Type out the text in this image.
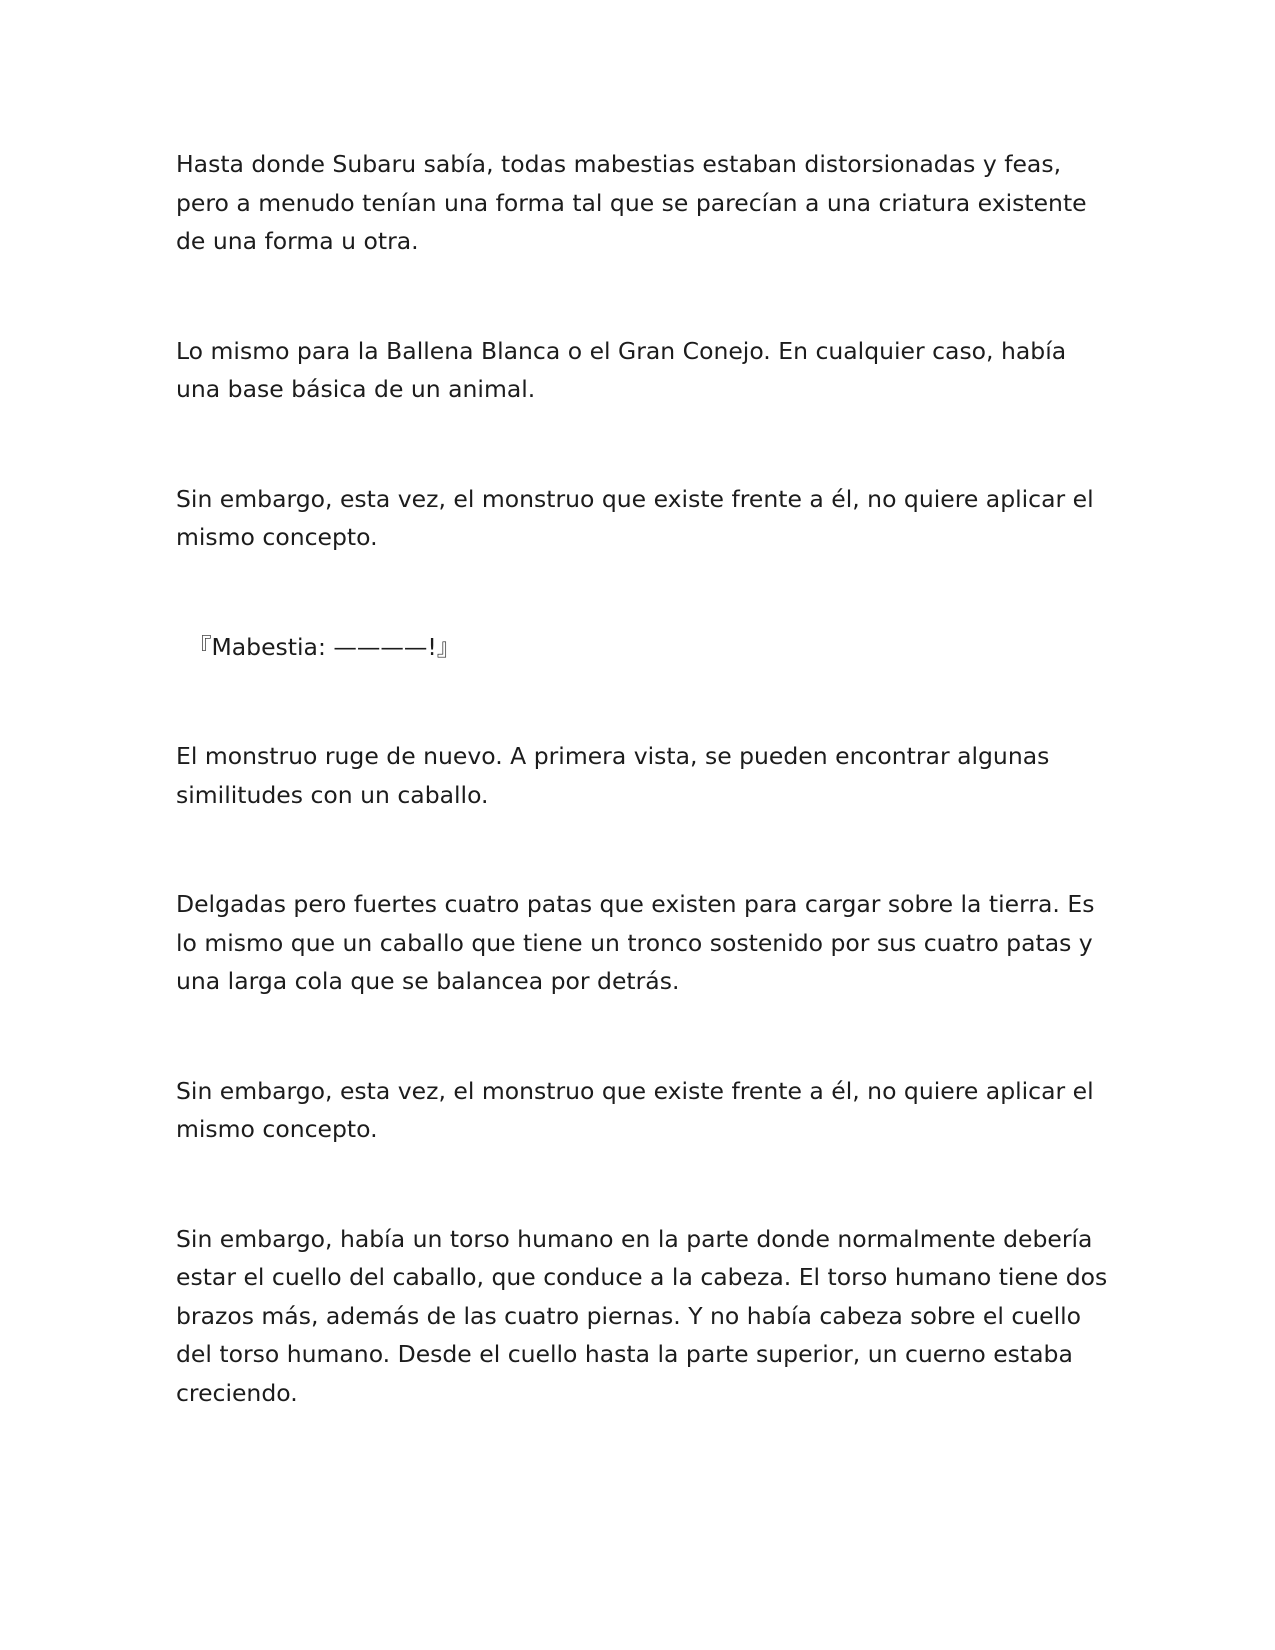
Hasta donde Subaru sabía, todas mabestias estaban distorsionadas y feas, pero a menudo tenían una forma tal que se parecían a una criatura existente de una forma u otra.

Lo mismo para la Ballena Blanca o el Gran Conejo. En cualquier caso, había una base básica de un animal.

Sin embargo, esta vez, el monstruo que existe frente a él, no quiere aplicar el mismo concepto.

『Mabestia: ————!』

El monstruo ruge de nuevo. A primera vista, se pueden encontrar algunas similitudes con un caballo.

Delgadas pero fuertes cuatro patas que existen para cargar sobre la tierra. Es lo mismo que un caballo que tiene un tronco sostenido por sus cuatro patas y una larga cola que se balancea por detrás.

Sin embargo, esta vez, el monstruo que existe frente a él, no quiere aplicar el mismo concepto.

Sin embargo, había un torso humano en la parte donde normalmente debería estar el cuello del caballo, que conduce a la cabeza. El torso humano tiene dos brazos más, además de las cuatro piernas. Y no había cabeza sobre el cuello del torso humano. Desde el cuello hasta la parte superior, un cuerno estaba creciendo.
